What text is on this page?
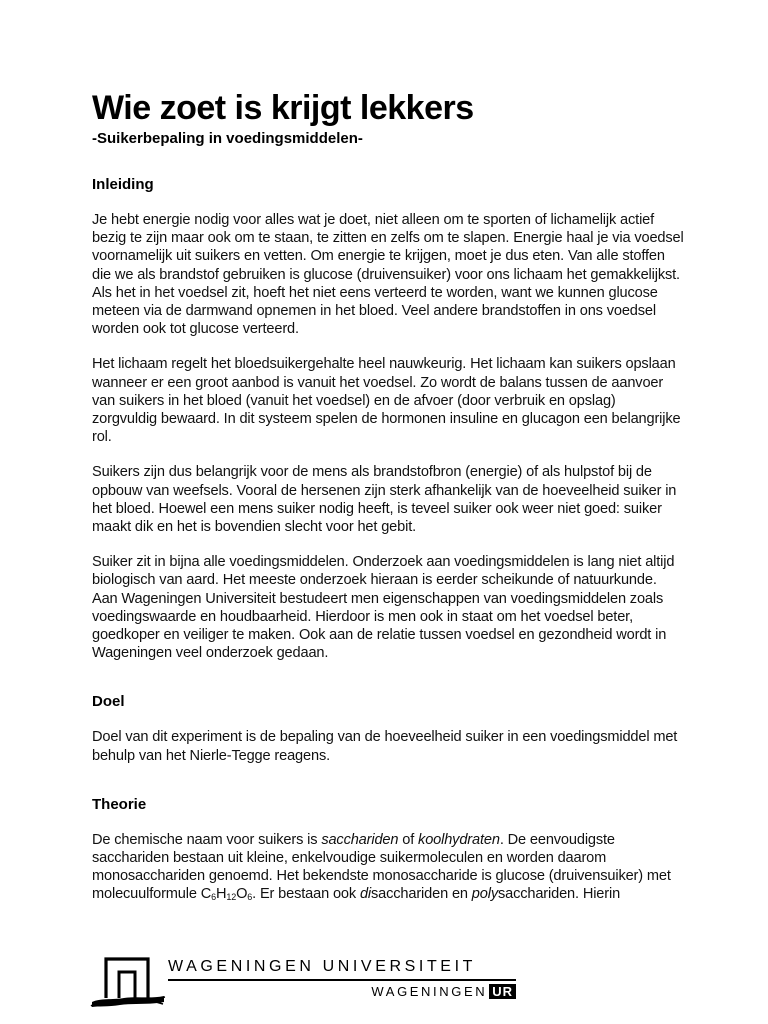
Wie zoet is krijgt lekkers
-Suikerbepaling in voedingsmiddelen-
Inleiding

Je hebt energie nodig voor alles wat je doet, niet alleen om te sporten of lichamelijk actief bezig te zijn maar ook om te staan, te zitten en zelfs om te slapen. Energie haal je via voedsel voornamelijk uit suikers en vetten. Om energie te krijgen, moet je dus eten. Van alle stoffen die we als brandstof gebruiken is glucose (druivensuiker) voor ons lichaam het gemakkelijkst. Als het in het voedsel zit, hoeft het niet eens verteerd te worden, want we kunnen glucose meteen via de darmwand opnemen in het bloed. Veel andere brandstoffen in ons voedsel worden ook tot glucose verteerd.

Het lichaam regelt het bloedsuikergehalte heel nauwkeurig. Het lichaam kan suikers opslaan wanneer er een groot aanbod is vanuit het voedsel. Zo wordt de balans tussen de aanvoer van suikers in het bloed (vanuit het voedsel) en de afvoer (door verbruik en opslag) zorgvuldig bewaard. In dit systeem spelen de hormonen insuline en glucagon een belangrijke rol.

Suikers zijn dus belangrijk voor de mens als brandstofbron (energie) of als hulpstof bij de opbouw van weefsels. Vooral de hersenen zijn sterk afhankelijk van de hoeveelheid suiker in het bloed. Hoewel een mens suiker nodig heeft, is teveel suiker ook weer niet goed: suiker maakt dik en het is bovendien slecht voor het gebit.

Suiker zit in bijna alle voedingsmiddelen. Onderzoek aan voedingsmiddelen is lang niet altijd biologisch van aard. Het meeste onderzoek hieraan is eerder scheikunde of natuurkunde. Aan Wageningen Universiteit bestudeert men eigenschappen van voedingsmiddelen zoals voedingswaarde en houdbaarheid. Hierdoor is men ook in staat om het voedsel beter, goedkoper en veiliger te maken. Ook aan de relatie tussen voedsel en gezondheid wordt in Wageningen veel onderzoek gedaan.

Doel

Doel van dit experiment is de bepaling van de hoeveelheid suiker in een voedingsmiddel met behulp van het Nierle-Tegge reagens.

Theorie

De chemische naam voor suikers is sacchariden of koolhydraten. De eenvoudigste sacchariden bestaan uit kleine, enkelvoudige suikermoleculen en worden daarom monosacchariden genoemd. Het bekendste monosaccharide is glucose (druivensuiker) met molecuulformule $C_6H_{12}O_6$. Er bestaan ook disacchariden en polysacchariden. Hierin

WAGENINGEN UNIVERSITEIT
WAGENINGEN UR
